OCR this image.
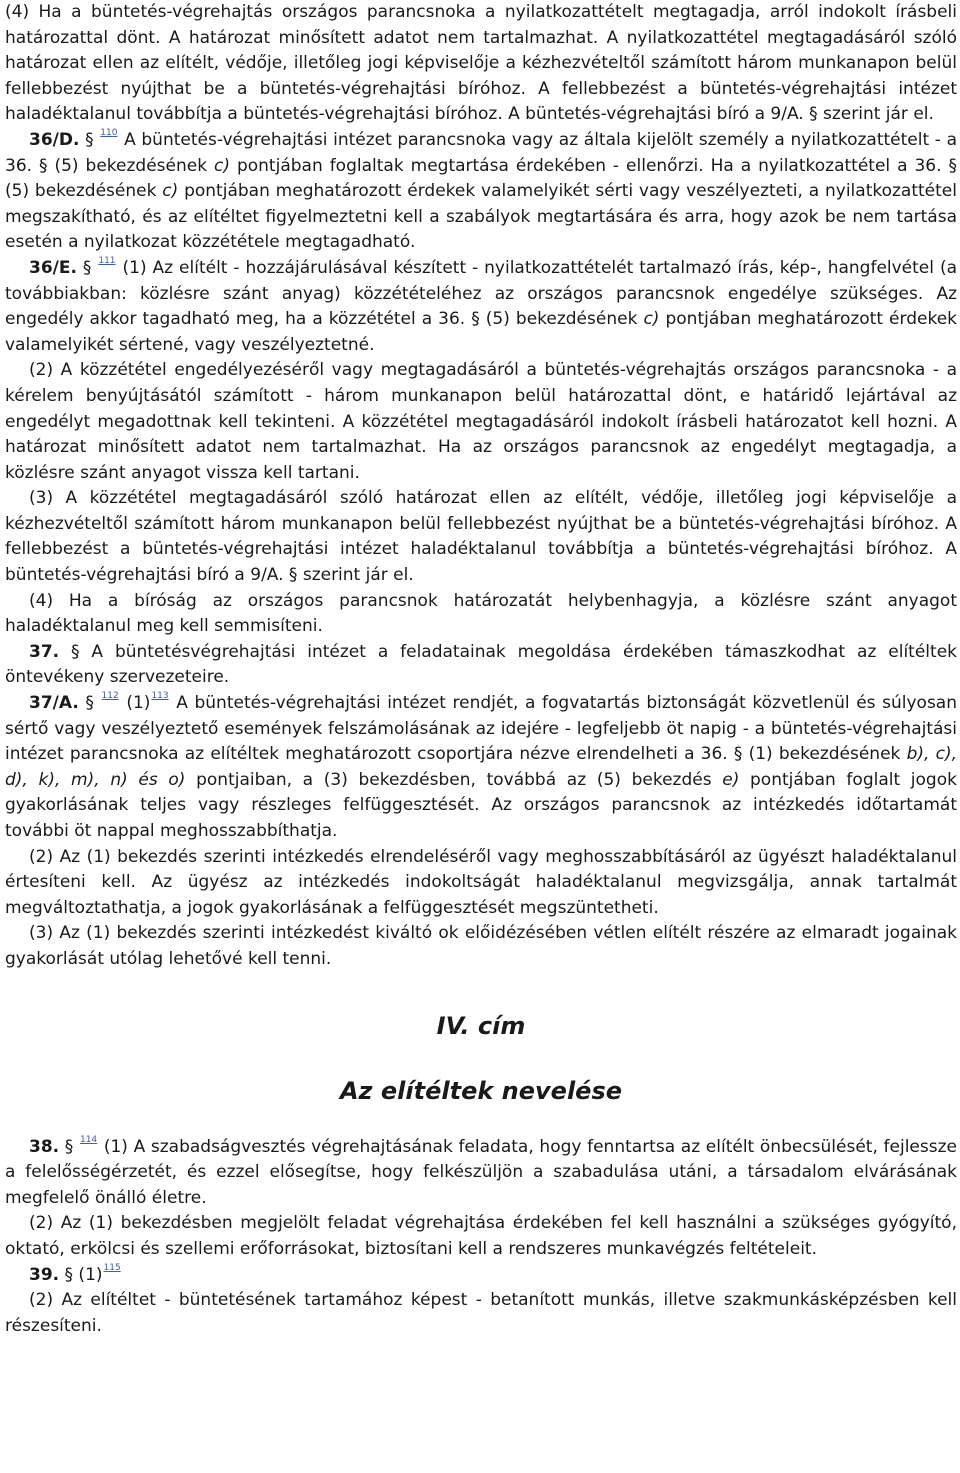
(4) Ha a büntetés-végrehajtás országos parancsnoka a nyilatkozattételt megtagadja, arról indokolt írásbeli határozattal dönt. A határozat minősített adatot nem tartalmazhat. A nyilatkozattétel megtagadásáról szóló határozat ellen az elítélt, védője, illetőleg jogi képviselője a kézhezvételtől számított három munkanapon belül fellebbezést nyújthat be a büntetés-végrehajtási bíróhoz. A fellebbezést a büntetés-végrehajtási intézet haladéktalanul továbbítja a büntetés-végrehajtási bíróhoz. A büntetés-végrehajtási bíró a 9/A. § szerint jár el.

36/D. § $^{110}$ A büntetés-végrehajtási intézet parancsnoka vagy az általa kijelölt személy a nyilatkozattételt - a 36. § (5) bekezdésének c) pontjában foglaltak megtartása érdekében - ellenőrzi. Ha a nyilatkozattétel a 36. § (5) bekezdésének c) pontjában meghatározott érdekek valamelyikét sérti vagy veszélyezteti, a nyilatkozattétel megszakítható, és az elítéltet figyelmeztetni kell a szabályok megtartására és arra, hogy azok be nem tartása esetén a nyilatkozat közzététele megtagadható.

36/E. § $^{111}$ (1) Az elítélt - hozzájárulásával készített - nyilatkozattételét tartalmazó írás, kép-, hangfelvétel (a továbbiakban: közlésre szánt anyag) közzétételéhez az országos parancsnok engedélye szükséges. Az engedély akkor tagadható meg, ha a közzététel a 36. § (5) bekezdésének c) pontjában meghatározott érdekek valamelyikét sértené, vagy veszélyeztetné.

(2) A közzététel engedélyezéséről vagy megtagadásáról a büntetés-végrehajtás országos parancsnoka - a kérelem benyújtásától számított - három munkanapon belül határozattal dönt, e határidő lejártával az engedélyt megadottnak kell tekinteni. A közzététel megtagadásáról indokolt írásbeli határozatot kell hozni. A határozat minősített adatot nem tartalmazhat. Ha az országos parancsnok az engedélyt megtagadja, a közlésre szánt anyagot vissza kell tartani.

(3) A közzététel megtagadásáról szóló határozat ellen az elítélt, védője, illetőleg jogi képviselője a kézhezvételtől számított három munkanapon belül fellebbezést nyújthat be a büntetés-végrehajtási bíróhoz. A fellebbezést a büntetés-végrehajtási intézet haladéktalanul továbbítja a büntetés-végrehajtási bíróhoz. A büntetés-végrehajtási bíró a 9/A. § szerint jár el.

(4) Ha a bíróság az országos parancsnok határozatát helybenhagyja, a közlésre szánt anyagot haladéktalanul meg kell semmisíteni.

37. § A büntetésvégrehajtási intézet a feladatainak megoldása érdekében támaszkodhat az elítéltek öntevékeny szervezeteire.

37/A. § $^{112}$ (1)$^{113}$ A büntetés-végrehajtási intézet rendjét, a fogvatartás biztonságát közvetlenül és súlyosan sértő vagy veszélyeztető események felszámolásának az idejére - legfeljebb öt napig - a büntetés-végrehajtási intézet parancsnoka az elítéltek meghatározott csoportjára nézve elrendelheti a 36. § (1) bekezdésének b), c), d), k), m), n) és o) pontjaiban, a (3) bekezdésben, továbbá az (5) bekezdés e) pontjában foglalt jogok gyakorlásának teljes vagy részleges felfüggesztését. Az országos parancsnok az intézkedés időtartamát további öt nappal meghosszabbíthatja.

(2) Az (1) bekezdés szerinti intézkedés elrendeléséről vagy meghosszabbításáról az ügyészt haladéktalanul értesíteni kell. Az ügyész az intézkedés indokoltságát haladéktalanul megvizsgálja, annak tartalmát megváltoztathatja, a jogok gyakorlásának a felfüggesztését megszüntetheti.

(3) Az (1) bekezdés szerinti intézkedést kiváltó ok előidézésében vétlen elítélt részére az elmaradt jogainak gyakorlását utólag lehetővé kell tenni.

IV. cím
Az elítéltek nevelése

38. § $^{114}$ (1) A szabadságvesztés végrehajtásának feladata, hogy fenntartsa az elítélt önbecsülését, fejlessze a felelősségérzetét, és ezzel elősegítse, hogy felkészüljön a szabadulása utáni, a társadalom elvárásának megfelelő önálló életre.

(2) Az (1) bekezdésben megjelölt feladat végrehajtása érdekében fel kell használni a szükséges gyógyító, oktató, erkölcsi és szellemi erőforrásokat, biztosítani kell a rendszeres munkavégzés feltételeit.

39. § (1)$^{115}$

(2) Az elítéltet - büntetésének tartamához képest - betanított munkás, illetve szakmunkásképzésben kell részesíteni.
